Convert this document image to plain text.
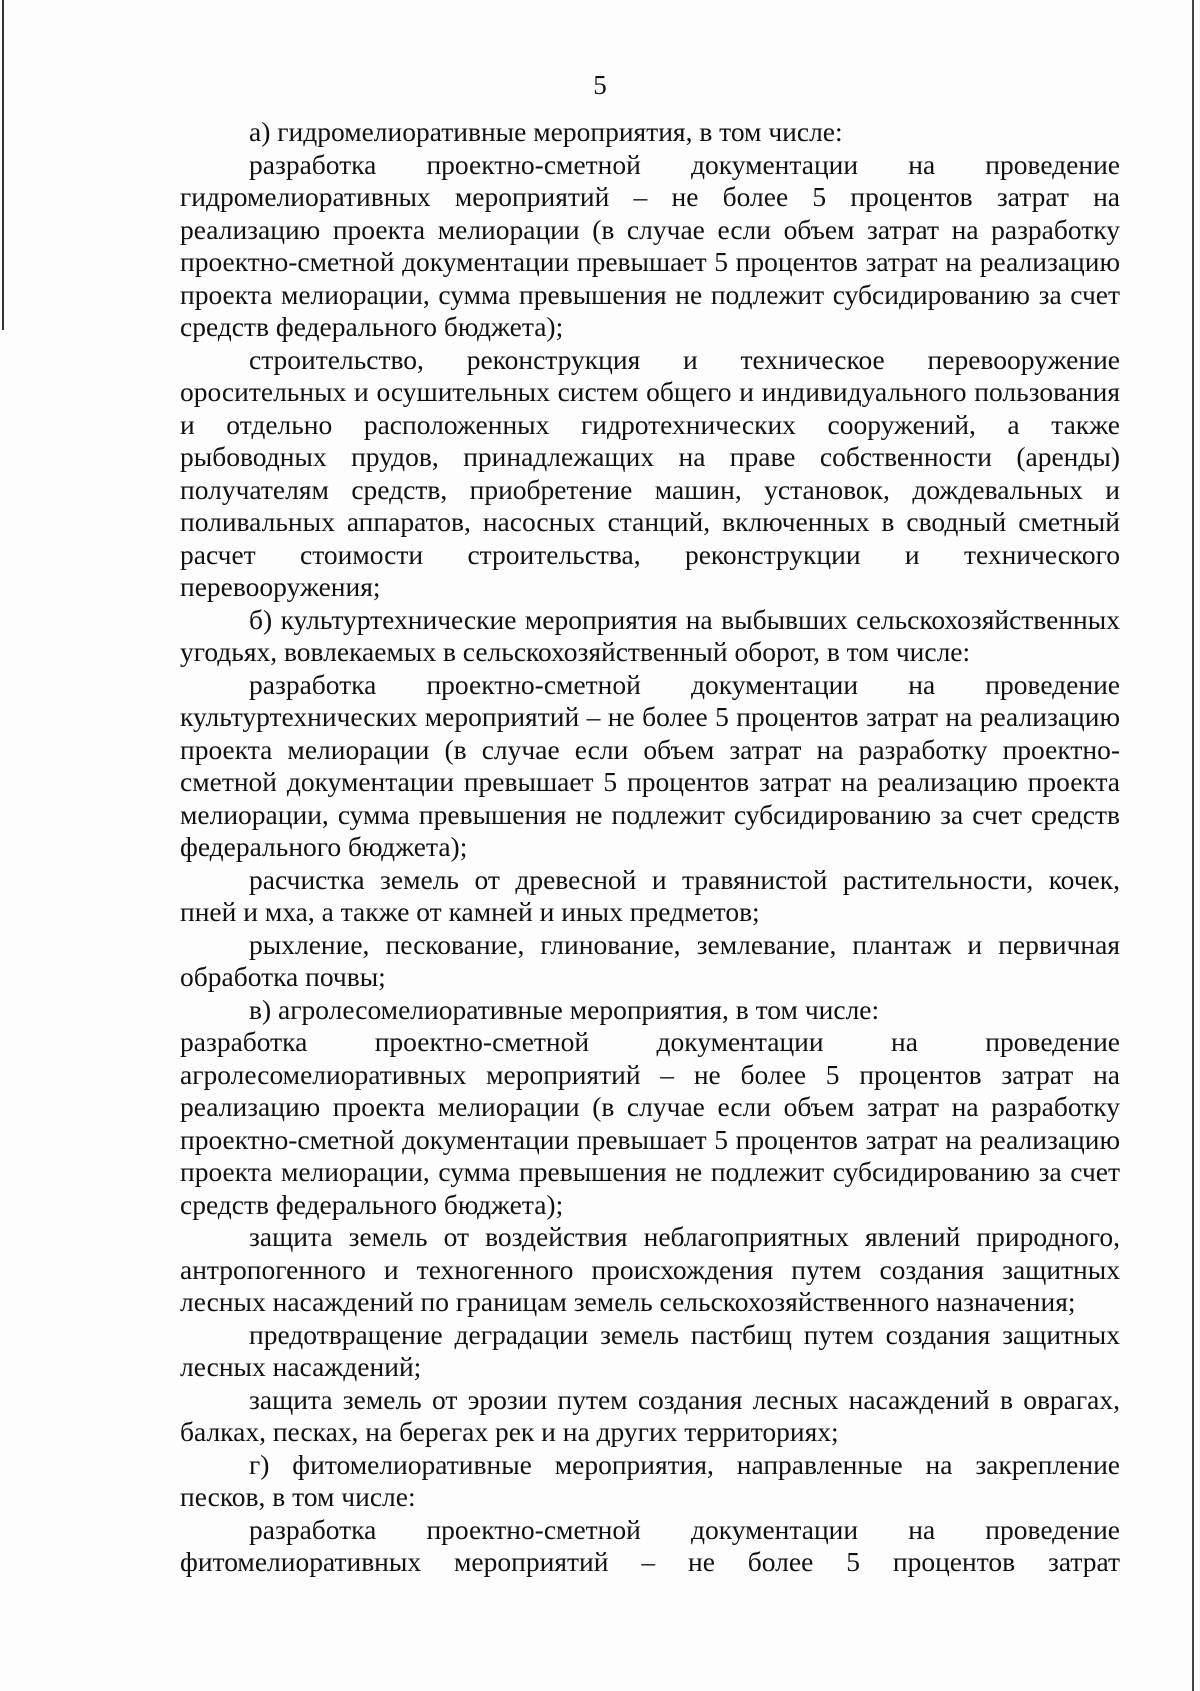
5

а) гидромелиоративные мероприятия, в том числе:

разработка проектно-сметной документации на проведение гидромелиоративных мероприятий – не более 5 процентов затрат на реализацию проекта мелиорации (в случае если объем затрат на разработку проектно-сметной документации превышает 5 процентов затрат на реализацию проекта мелиорации, сумма превышения не подлежит субсидированию за счет средств федерального бюджета);

строительство, реконструкция и техническое перевооружение оросительных и осушительных систем общего и индивидуального пользования и отдельно расположенных гидротехнических сооружений, а также рыбоводных прудов, принадлежащих на праве собственности (аренды) получателям средств, приобретение машин, установок, дождевальных и поливальных аппаратов, насосных станций, включенных в сводный сметный расчет стоимости строительства, реконструкции и технического перевооружения;

б) культуртехнические мероприятия на выбывших сельскохозяйственных угодьях, вовлекаемых в сельскохозяйственный оборот, в том числе:

разработка проектно-сметной документации на проведение культуртехнических мероприятий – не более 5 процентов затрат на реализацию проекта мелиорации (в случае если объем затрат на разработку проектно-сметной документации превышает 5 процентов затрат на реализацию проекта мелиорации, сумма превышения не подлежит субсидированию за счет средств федерального бюджета);

расчистка земель от древесной и травянистой растительности, кочек, пней и мха, а также от камней и иных предметов;

рыхление, пескование, глинование, землевание, плантаж и первичная обработка почвы;

в) агролесомелиоративные мероприятия, в том числе:

разработка проектно-сметной документации на проведение агролесомелиоративных мероприятий – не более 5 процентов затрат на реализацию проекта мелиорации (в случае если объем затрат на разработку проектно-сметной документации превышает 5 процентов затрат на реализацию проекта мелиорации, сумма превышения не подлежит субсидированию за счет средств федерального бюджета);

защита земель от воздействия неблагоприятных явлений природного, антропогенного и техногенного происхождения путем создания защитных лесных насаждений по границам земель сельскохозяйственного назначения;

предотвращение деградации земель пастбищ путем создания защитных лесных насаждений;

защита земель от эрозии путем создания лесных насаждений в оврагах, балках, песках, на берегах рек и на других территориях;

г) фитомелиоративные мероприятия, направленные на закрепление песков, в том числе:

разработка проектно-сметной документации на проведение фитомелиоративных мероприятий – не более 5 процентов затрат
